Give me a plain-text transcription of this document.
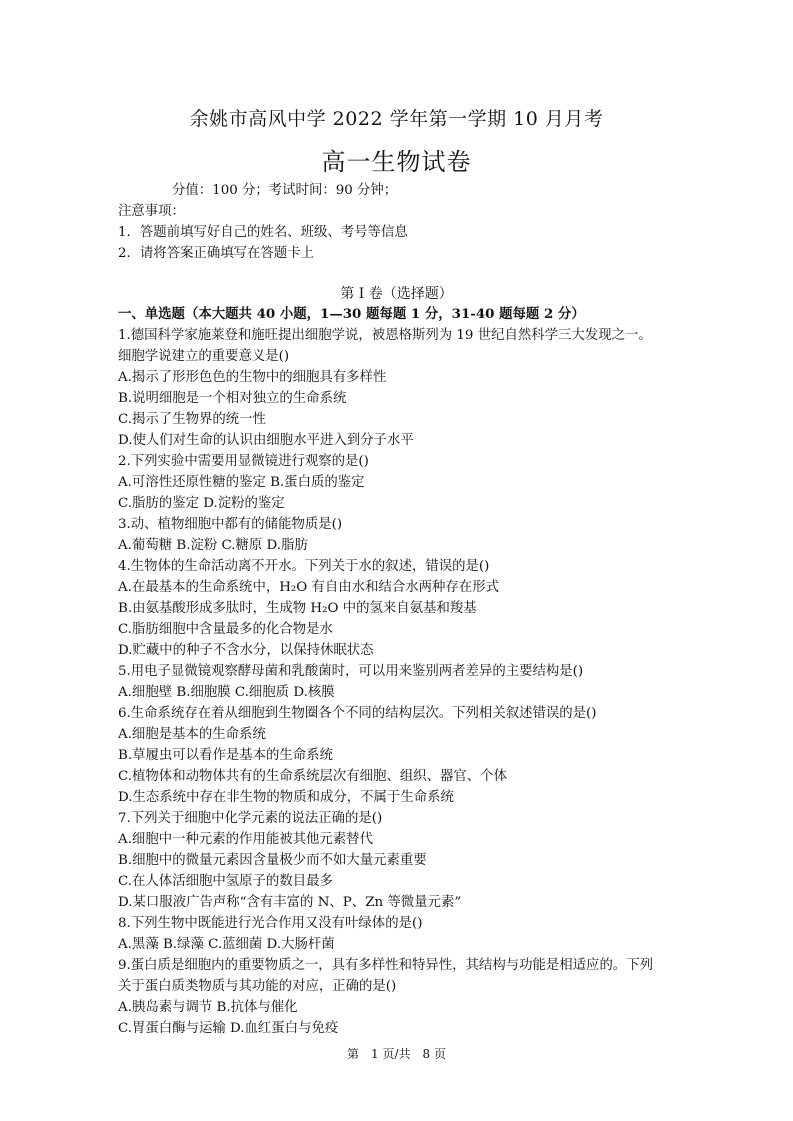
余姚市高风中学 2022 学年第一学期 10 月月考
高一生物试卷
分值：100 分；考试时间：90 分钟；
注意事项：
1．答题前填写好自己的姓名、班级、考号等信息
2．请将答案正确填写在答题卡上
第 I 卷（选择题）
一、单选题（本大题共 40 小题，1—30 题每题 1 分，31-40 题每题 2 分）
1.德国科学家施莱登和施旺提出细胞学说，被恩格斯列为 19 世纪自然科学三大发现之一。
细胞学说建立的重要意义是()
A.揭示了形形色色的生物中的细胞具有多样性
B.说明细胞是一个相对独立的生命系统
C.揭示了生物界的统一性
D.使人们对生命的认识由细胞水平进入到分子水平
2.下列实验中需要用显微镜进行观察的是()
A.可溶性还原性糖的鉴定 B.蛋白质的鉴定
C.脂肪的鉴定 D.淀粉的鉴定
3.动、植物细胞中都有的储能物质是()
A.葡萄糖 B.淀粉 C.糖原 D.脂肪
4.生物体的生命活动离不开水。下列关于水的叙述，错误的是()
A.在最基本的生命系统中，H₂O 有自由水和结合水两种存在形式
B.由氨基酸形成多肽时，生成物 H₂O 中的氢来自氨基和羧基
C.脂肪细胞中含量最多的化合物是水
D.贮藏中的种子不含水分，以保持休眠状态
5.用电子显微镜观察酵母菌和乳酸菌时，可以用来鉴别两者差异的主要结构是()
A.细胞壁 B.细胞膜 C.细胞质 D.核膜
6.生命系统存在着从细胞到生物圈各个不同的结构层次。下列相关叙述错误的是()
A.细胞是基本的生命系统
B.草履虫可以看作是基本的生命系统
C.植物体和动物体共有的生命系统层次有细胞、组织、器官、个体
D.生态系统中存在非生物的物质和成分，不属于生命系统
7.下列关于细胞中化学元素的说法正确的是()
A.细胞中一种元素的作用能被其他元素替代
B.细胞中的微量元素因含量极少而不如大量元素重要
C.在人体活细胞中氢原子的数目最多
D.某口服液广告声称“含有丰富的 N、P、Zn 等微量元素”
8.下列生物中既能进行光合作用又没有叶绿体的是()
A.黑藻 B.绿藻 C.蓝细菌 D.大肠杆菌
9.蛋白质是细胞内的重要物质之一，具有多样性和特异性，其结构与功能是相适应的。下列
关于蛋白质类物质与其功能的对应，正确的是()
A.胰岛素与调节 B.抗体与催化
C.胃蛋白酶与运输 D.血红蛋白与免疫
第　1 页/共　8 页
